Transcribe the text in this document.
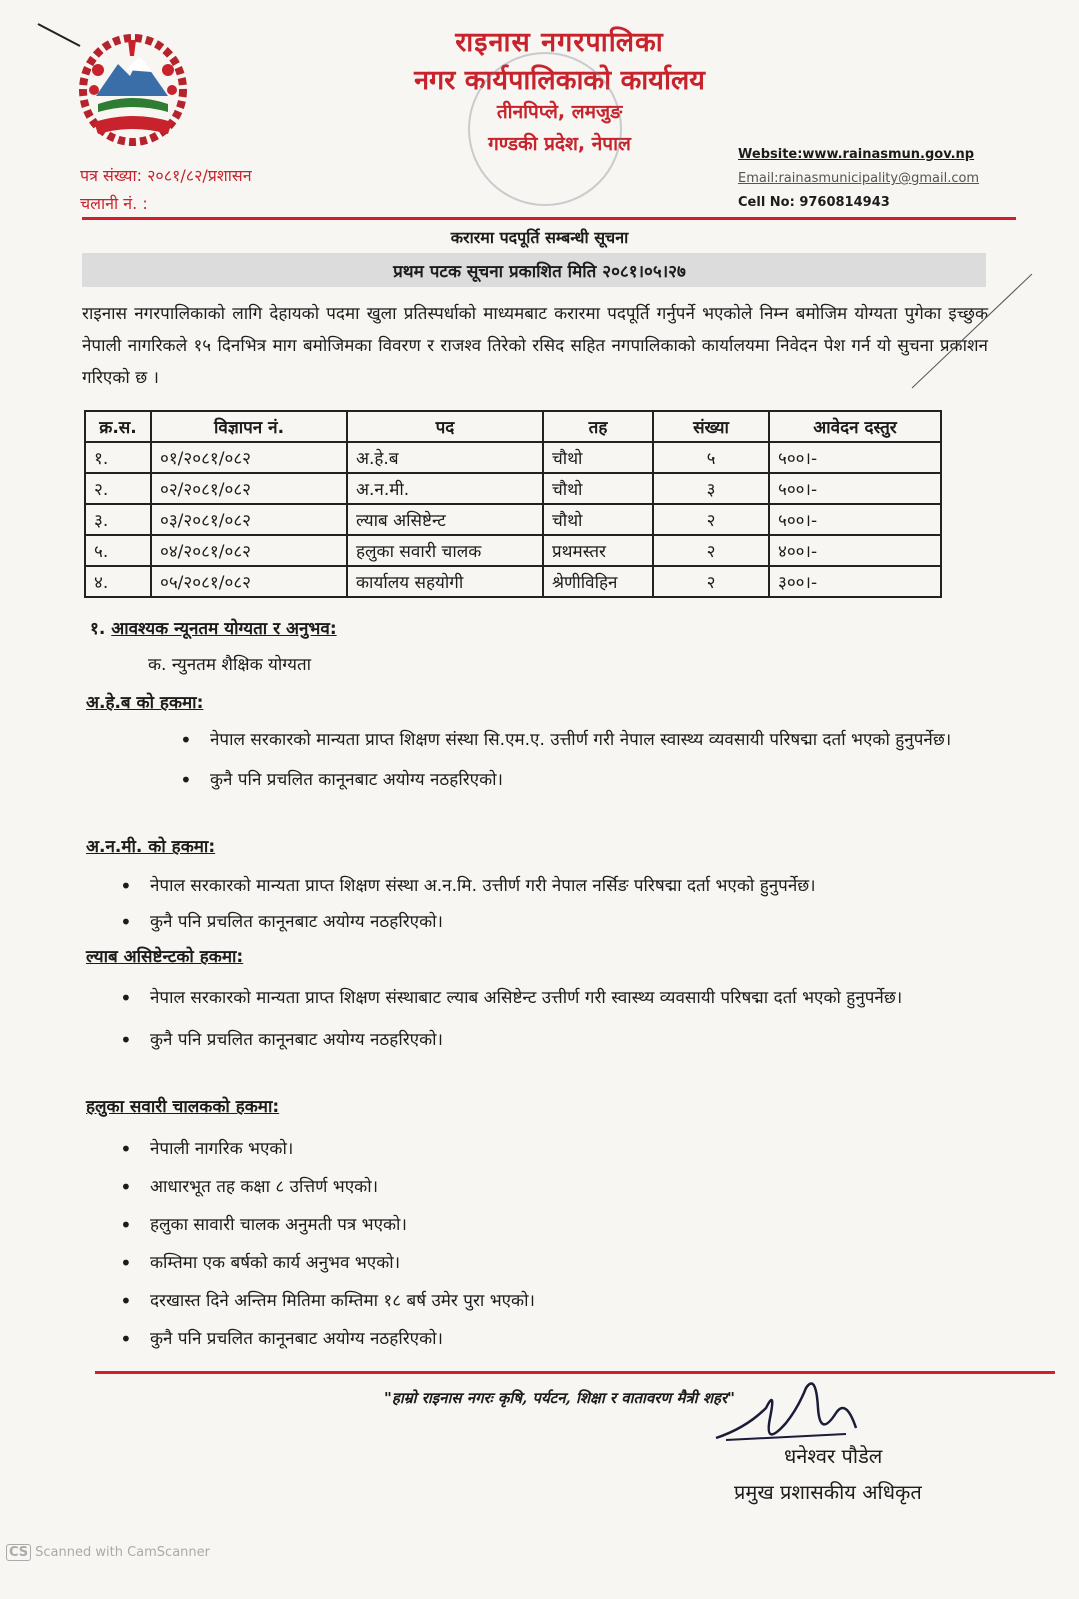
राइनास नगरपालिका
नगर कार्यपालिकाको कार्यालय
तीनपिप्ले, लमजुङ
गण्डकी प्रदेश, नेपाल
पत्र संख्या: २०८१/८२/प्रशासन
चलानी नं. :
Website:www.rainasmun.gov.np
Email:rainasmunicipality@gmail.com
Cell No: 9760814943
करारमा पदपूर्ति सम्बन्धी सूचना
प्रथम पटक सूचना प्रकाशित मिति २०८१।०५।२७
राइनास नगरपालिकाको लागि देहायको पदमा खुला प्रतिस्पर्धाको माध्यमबाट करारमा पदपूर्ति गर्नुपर्ने भएकोले निम्न बमोजिम योग्यता पुगेका इच्छुक नेपाली नागरिकले १५ दिनभित्र माग बमोजिमका विवरण र राजश्व तिरेको रसिद सहित नगपालिकाको कार्यालयमा निवेदन पेश गर्न यो सुचना प्रकाशन गरिएको छ ।
क्र.स.	विज्ञापन नं.	पद	तह	संख्या	आवेदन दस्तुर
१.	०१/२०८१/०८२	अ.हे.ब	चौथो	५	५००।-
२.	०२/२०८१/०८२	अ.न.मी.	चौथो	३	५००।-
३.	०३/२०८१/०८२	ल्याब असिष्टेन्ट	चौथो	२	५००।-
५.	०४/२०८१/०८२	हलुका सवारी चालक	प्रथमस्तर	२	४००।-
४.	०५/२०८१/०८२	कार्यालय सहयोगी	श्रेणीविहिन	२	३००।-
१. आवश्यक न्यूनतम योग्यता र अनुभव:
क. न्युनतम शैक्षिक योग्यता
अ.हे.ब को हकमा:
• नेपाल सरकारको मान्यता प्राप्त शिक्षण संस्था सि.एम.ए. उत्तीर्ण गरी नेपाल स्वास्थ्य व्यवसायी परिषद्मा दर्ता भएको हुनुपर्नेछ।
• कुनै पनि प्रचलित कानूनबाट अयोग्य नठहरिएको।
अ.न.मी. को हकमा:
• नेपाल सरकारको मान्यता प्राप्त शिक्षण संस्था अ.न.मि. उत्तीर्ण गरी नेपाल नर्सिङ परिषद्मा दर्ता भएको हुनुपर्नेछ।
• कुनै पनि प्रचलित कानूनबाट अयोग्य नठहरिएको।
ल्याब असिष्टेन्टको हकमा:
• नेपाल सरकारको मान्यता प्राप्त शिक्षण संस्थाबाट ल्याब असिष्टेन्ट उत्तीर्ण गरी स्वास्थ्य व्यवसायी परिषद्मा दर्ता भएको हुनुपर्नेछ।
• कुनै पनि प्रचलित कानूनबाट अयोग्य नठहरिएको।
हलुका सवारी चालकको हकमा:
• नेपाली नागरिक भएको।
• आधारभूत तह कक्षा ८ उत्तिर्ण भएको।
• हलुका सावारी चालक अनुमती पत्र भएको।
• कम्तिमा एक बर्षको कार्य अनुभव भएको।
• दरखास्त दिने अन्तिम मितिमा कम्तिमा १८ बर्ष उमेर पुरा भएको।
• कुनै पनि प्रचलित कानूनबाट अयोग्य नठहरिएको।
"हाम्रो राइनास नगरः कृषि, पर्यटन, शिक्षा र वातावरण मैत्री शहर"
धनेश्वर पौडेल
प्रमुख प्रशासकीय अधिकृत
CS Scanned with CamScanner
